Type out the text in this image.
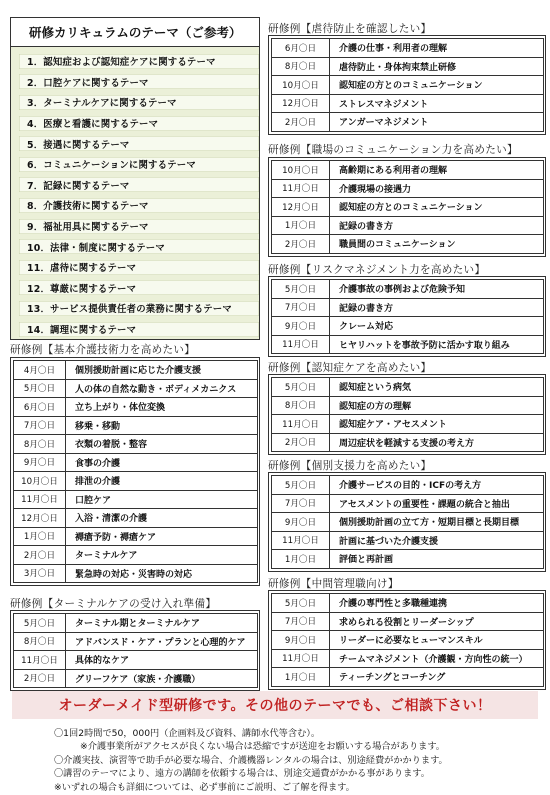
研修カリキュラムのテーマ（ご参考）
1．認知症および認知症ケアに関するテーマ
2．口腔ケアに関するテーマ
3．ターミナルケアに関するテーマ
4．医療と看護に関するテーマ
5．接遇に関するテーマ
6．コミュニケーションに関するテーマ
7．記録に関するテーマ
8．介護技術に関するテーマ
9．福祉用具に関するテーマ
10．法律・制度に関するテーマ
11．虐待に関するテーマ
12．尊厳に関するテーマ
13．サービス提供責任者の業務に関するテーマ
14．調理に関するテーマ
研修例【虐待防止を確認したい】
6月〇日	介護の仕事・利用者の理解
8月〇日	虐待防止・身体拘束禁止研修
10月〇日	認知症の方とのコミュニケーション
12月〇日	ストレスマネジメント
2月〇日	アンガーマネジメント
研修例【職場のコミュニケーション力を高めたい】
10月〇日	高齢期にある利用者の理解
11月〇日	介護現場の接遇力
12月〇日	認知症の方とのコミュニケーション
1月〇日	記録の書き方
2月〇日	職員間のコミュニケーション
研修例【リスクマネジメント力を高めたい】
5月〇日	介護事故の事例および危険予知
7月〇日	記録の書き方
9月〇日	クレーム対応
11月〇日	ヒヤリハットを事故予防に活かす取り組み
研修例【認知症ケアを高めたい】
5月〇日	認知症という病気
8月〇日	認知症の方の理解
11月〇日	認知症ケア・アセスメント
2月〇日	周辺症状を軽減する支援の考え方
研修例【個別支援力を高めたい】
5月〇日	介護サービスの目的・ICFの考え方
7月〇日	アセスメントの重要性・課題の統合と抽出
9月〇日	個別援助計画の立て方・短期目標と長期目標
11月〇日	計画に基づいた介護支援
1月〇日	評価と再計画
研修例【中間管理職向け】
5月〇日	介護の専門性と多職種連携
7月〇日	求められる役割とリーダーシップ
9月〇日	リーダーに必要なヒューマンスキル
11月〇日	チームマネジメント（介護観・方向性の統一）
1月〇日	ティーチングとコーチング
研修例【基本介護技術力を高めたい】
4月〇日	個別援助計画に応じた介護支援
5月〇日	人の体の自然な動き・ボディメカニクス
6月〇日	立ち上がり・体位変換
7月〇日	移乗・移動
8月〇日	衣類の着脱・整容
9月〇日	食事の介護
10月〇日	排泄の介護
11月〇日	口腔ケア
12月〇日	入浴・清潔の介護
1月〇日	褥瘡予防・褥瘡ケア
2月〇日	ターミナルケア
3月〇日	緊急時の対応・災害時の対応
研修例【ターミナルケアの受け入れ準備】
5月〇日	ターミナル期とターミナルケア
8月〇日	アドバンスド・ケア・プランと心理的ケア
11月〇日	具体的なケア
2月〇日	グリーフケア（家族・介護職）
オーダーメイド型研修です。その他のテーマでも、ご相談下さい！
〇1回2時間で50，000円（企画料及び資料、講師水代等含む）。
※介護事業所がアクセスが良くない場合は恐縮ですが送迎をお願いする場合があります。
〇介護実技、演習等で助手が必要な場合、介護機器レンタルの場合は、別途経費がかかります。
〇講習のテーマにより、遠方の講師を依頼する場合は、別途交通費がかかる事があります。
※いずれの場合も詳細については、必ず事前にご説明、ご了解を得ます。
